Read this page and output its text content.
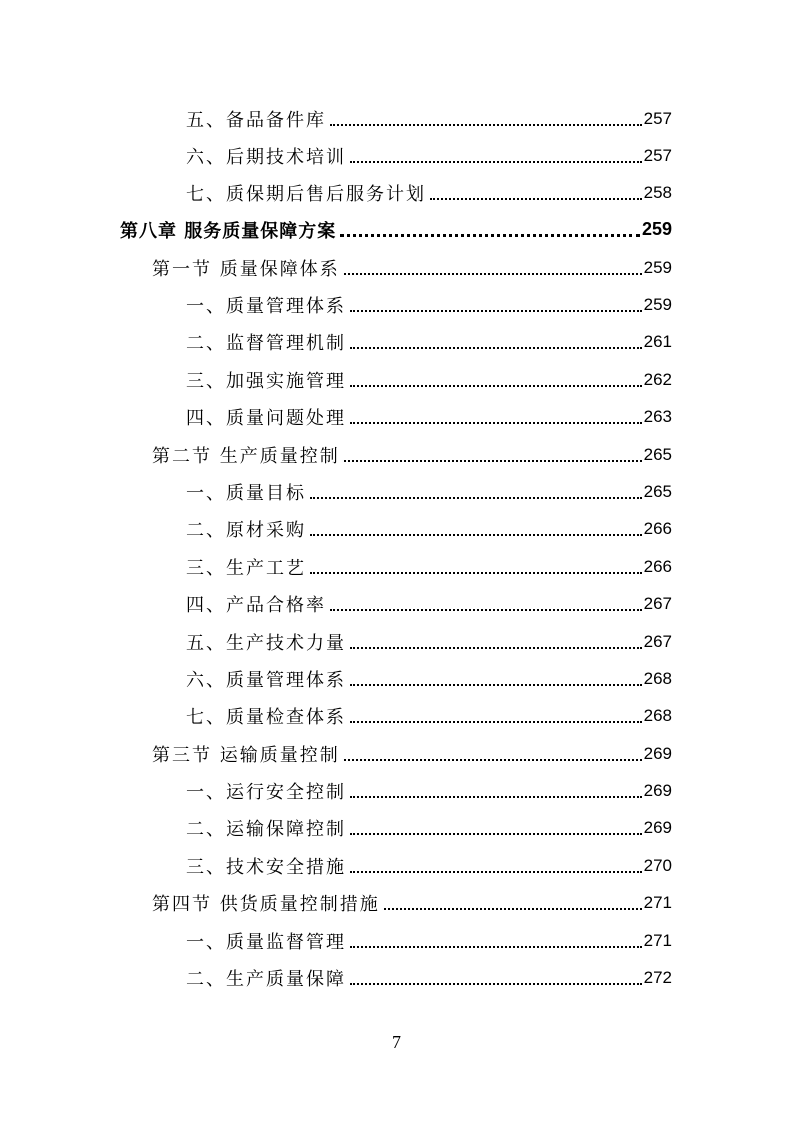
五、备品备件库	257
六、后期技术培训	257
七、质保期后售后服务计划	258
第八章 服务质量保障方案	259
第一节 质量保障体系	259
一、质量管理体系	259
二、监督管理机制	261
三、加强实施管理	262
四、质量问题处理	263
第二节 生产质量控制	265
一、质量目标	265
二、原材采购	266
三、生产工艺	266
四、产品合格率	267
五、生产技术力量	267
六、质量管理体系	268
七、质量检查体系	268
第三节 运输质量控制	269
一、运行安全控制	269
二、运输保障控制	269
三、技术安全措施	270
第四节 供货质量控制措施	271
一、质量监督管理	271
二、生产质量保障	272
7
